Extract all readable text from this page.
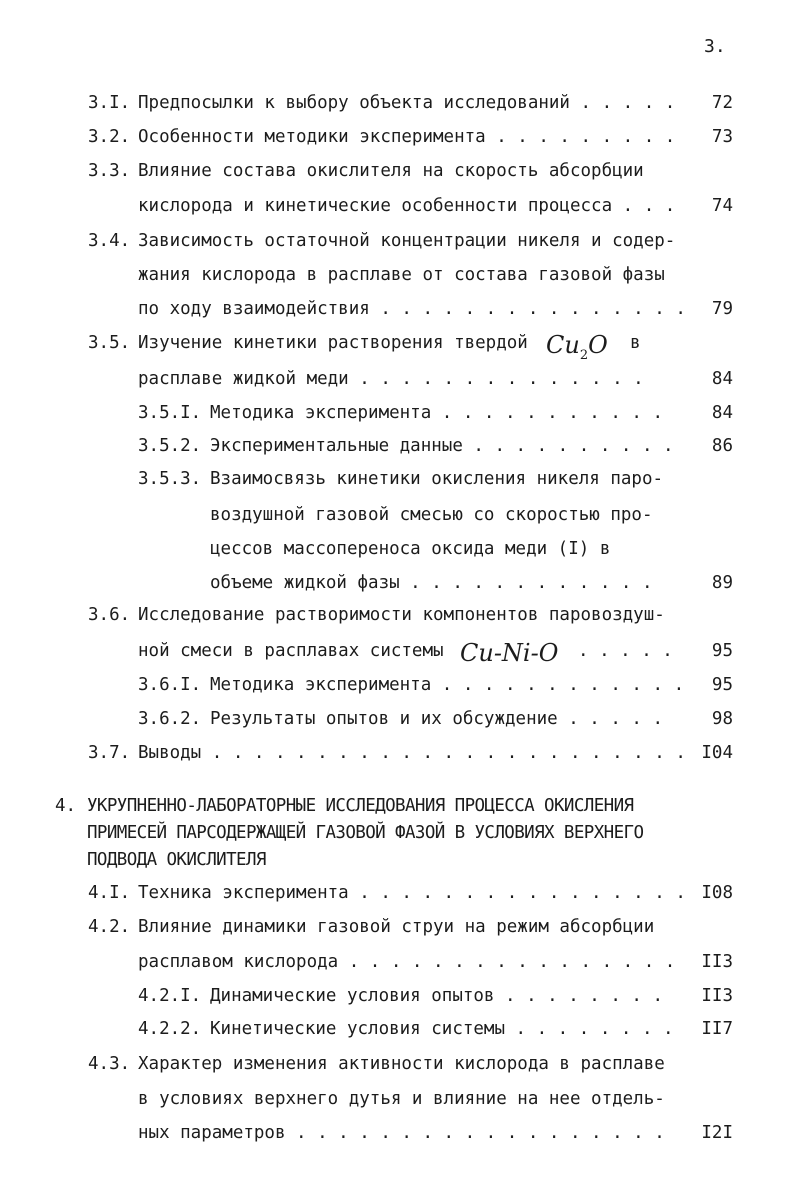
3.
3.I. Предпосылки к выбору объекта исследований . . . . . 72
3.2. Особенности методики эксперимента . . . . . . . . . 73
3.3. Влияние состава окислителя на скорость абсорбции
кислорода и кинетические особенности процесса . . . 74
3.4. Зависимость остаточной концентрации никеля и содер-
жания кислорода в расплаве от состава газовой фазы
по ходу взаимодействия . . . . . . . . . . . . . . . 79
3.5. Изучение кинетики растворения твердой $Cu_2O$ в
расплаве жидкой меди . . . . . . . . . . . . . .	84
3.5.I. Методика эксперимента . . . . . . . . . . .	84
3.5.2. Экспериментальные данные . . . . . . . . . . 86
3.5.3. Взаимосвязь кинетики окисления никеля паро-
воздушной газовой смесью со скоростью про-
цессов массопереноса оксида меди (I) в
объеме жидкой фазы . . . . . . . . . . . .	89
3.6. Исследование растворимости компонентов паровоздуш-
ной смеси в расплавах системы Cu-Ni-O . . . . . 95
3.6.I. Методика эксперимента . . . . . . . . . . . . 95
3.6.2. Результаты опытов и их обсуждение . . . . .	98
3.7. Выводы . . . . . . . . . . . . . . . . . . . . . . . I04
4. УКРУПНЕННО-ЛАБОРАТОРНЫЕ ИССЛЕДОВАНИЯ ПРОЦЕССА ОКИСЛЕНИЯ
ПРИМЕСЕЙ ПАРСОДЕРЖАЩЕЙ ГАЗОВОЙ ФАЗОЙ В УСЛОВИЯХ ВЕРХНЕГО
ПОДВОДА ОКИСЛИТЕЛЯ
4.I. Техника эксперимента . . . . . . . . . . . . . . . . I08
4.2. Влияние динамики газовой струи на режим абсорбции
расплавом кислорода . . . . . . . . . . . . . . . . II3
4.2.I. Динамические условия опытов . . . . . . . . II3
4.2.2. Кинетические условия системы . . . . . . . . II7
4.3. Характер изменения активности кислорода в расплаве
в условиях верхнего дутья и влияние на нее отдель-
ных параметров . . . . . . . . . . . . . . . . . . I2I
